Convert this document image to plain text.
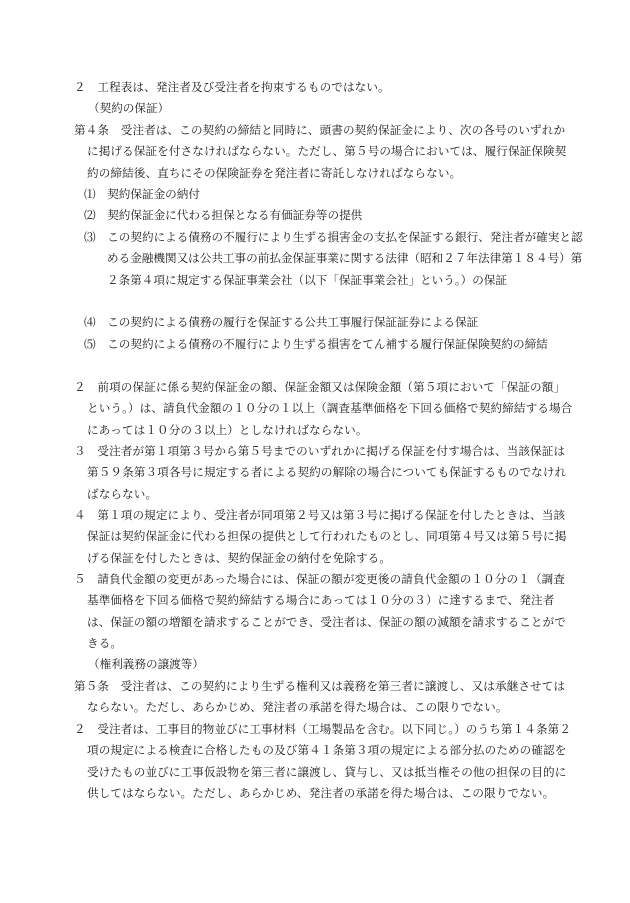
２　工程表は、発注者及び受注者を拘束するものではない。
（契約の保証）
第４条　受注者は、この契約の締結と同時に、頭書の契約保証金により、次の各号のいずれかに掲げる保証を付さなければならない。ただし、第５号の場合においては、履行保証保険契約の締結後、直ちにその保険証券を発注者に寄託しなければならない。
⑴　契約保証金の納付
⑵　契約保証金に代わる担保となる有価証券等の提供
⑶　この契約による債務の不履行により生ずる損害金の支払を保証する銀行、発注者が確実と認める金融機関又は公共工事の前払金保証事業に関する法律（昭和２７年法律第１８４号）第２条第４項に規定する保証事業会社（以下「保証事業会社」という。）の保証
⑷　この契約による債務の履行を保証する公共工事履行保証証券による保証
⑸　この契約による債務の不履行により生ずる損害をてん補する履行保証保険契約の締結
２　前項の保証に係る契約保証金の額、保証金額又は保険金額（第５項において「保証の額」という。）は、請負代金額の１０分の１以上（調査基準価格を下回る価格で契約締結する場合にあっては１０分の３以上）としなければならない。
３　受注者が第１項第３号から第５号までのいずれかに掲げる保証を付す場合は、当該保証は第５９条第３項各号に規定する者による契約の解除の場合についても保証するものでなければならない。
４　第１項の規定により、受注者が同項第２号又は第３号に掲げる保証を付したときは、当該保証は契約保証金に代わる担保の提供として行われたものとし、同項第４号又は第５号に掲げる保証を付したときは、契約保証金の納付を免除する。
５　請負代金額の変更があった場合には、保証の額が変更後の請負代金額の１０分の１（調査基準価格を下回る価格で契約締結する場合にあっては１０分の３）に達するまで、発注者は、保証の額の増額を請求することができ、受注者は、保証の額の減額を請求することができる。
（権利義務の譲渡等）
第５条　受注者は、この契約により生ずる権利又は義務を第三者に譲渡し、又は承継させてはならない。ただし、あらかじめ、発注者の承諾を得た場合は、この限りでない。
２　受注者は、工事目的物並びに工事材料（工場製品を含む。以下同じ。）のうち第１４条第２項の規定による検査に合格したもの及び第４１条第３項の規定による部分払のための確認を受けたもの並びに工事仮設物を第三者に譲渡し、貸与し、又は抵当権その他の担保の目的に供してはならない。ただし、あらかじめ、発注者の承諾を得た場合は、この限りでない。
